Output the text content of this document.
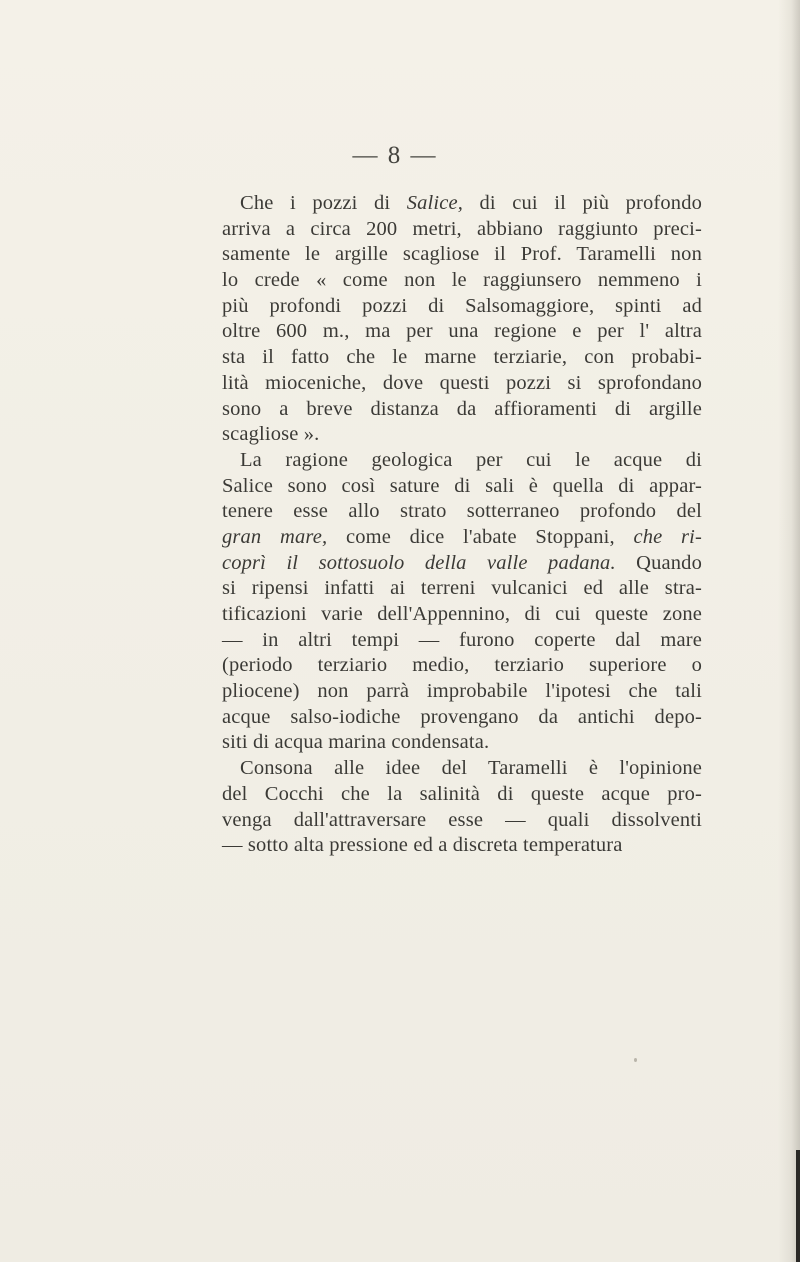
— 8 —
Che i pozzi di Salice, di cui il più profondo
arriva a circa 200 metri, abbiano raggiunto preci-
samente le argille scagliose il Prof. Taramelli non
lo crede « come non le raggiunsero nemmeno i
più profondi pozzi di Salsomaggiore, spinti ad
oltre 600 m., ma per una regione e per l' altra
sta il fatto che le marne terziarie, con probabi-
lità mioceniche, dove questi pozzi si sprofondano
sono a breve distanza da affioramenti di argille
scagliose ».
La ragione geologica per cui le acque di
Salice sono così sature di sali è quella di appar-
tenere esse allo strato sotterraneo profondo del
gran mare, come dice l'abate Stoppani, che ri-
coprì il sottosuolo della valle padana. Quando
si ripensi infatti ai terreni vulcanici ed alle stra-
tificazioni varie dell'Appennino, di cui queste zone
— in altri tempi — furono coperte dal mare
(periodo terziario medio, terziario superiore o
pliocene) non parrà improbabile l'ipotesi che tali
acque salso-iodiche provengano da antichi depo-
siti di acqua marina condensata.
Consona alle idee del Taramelli è l'opinione
del Cocchi che la salinità di queste acque pro-
venga dall'attraversare esse — quali dissolventi
— sotto alta pressione ed a discreta temperatura
